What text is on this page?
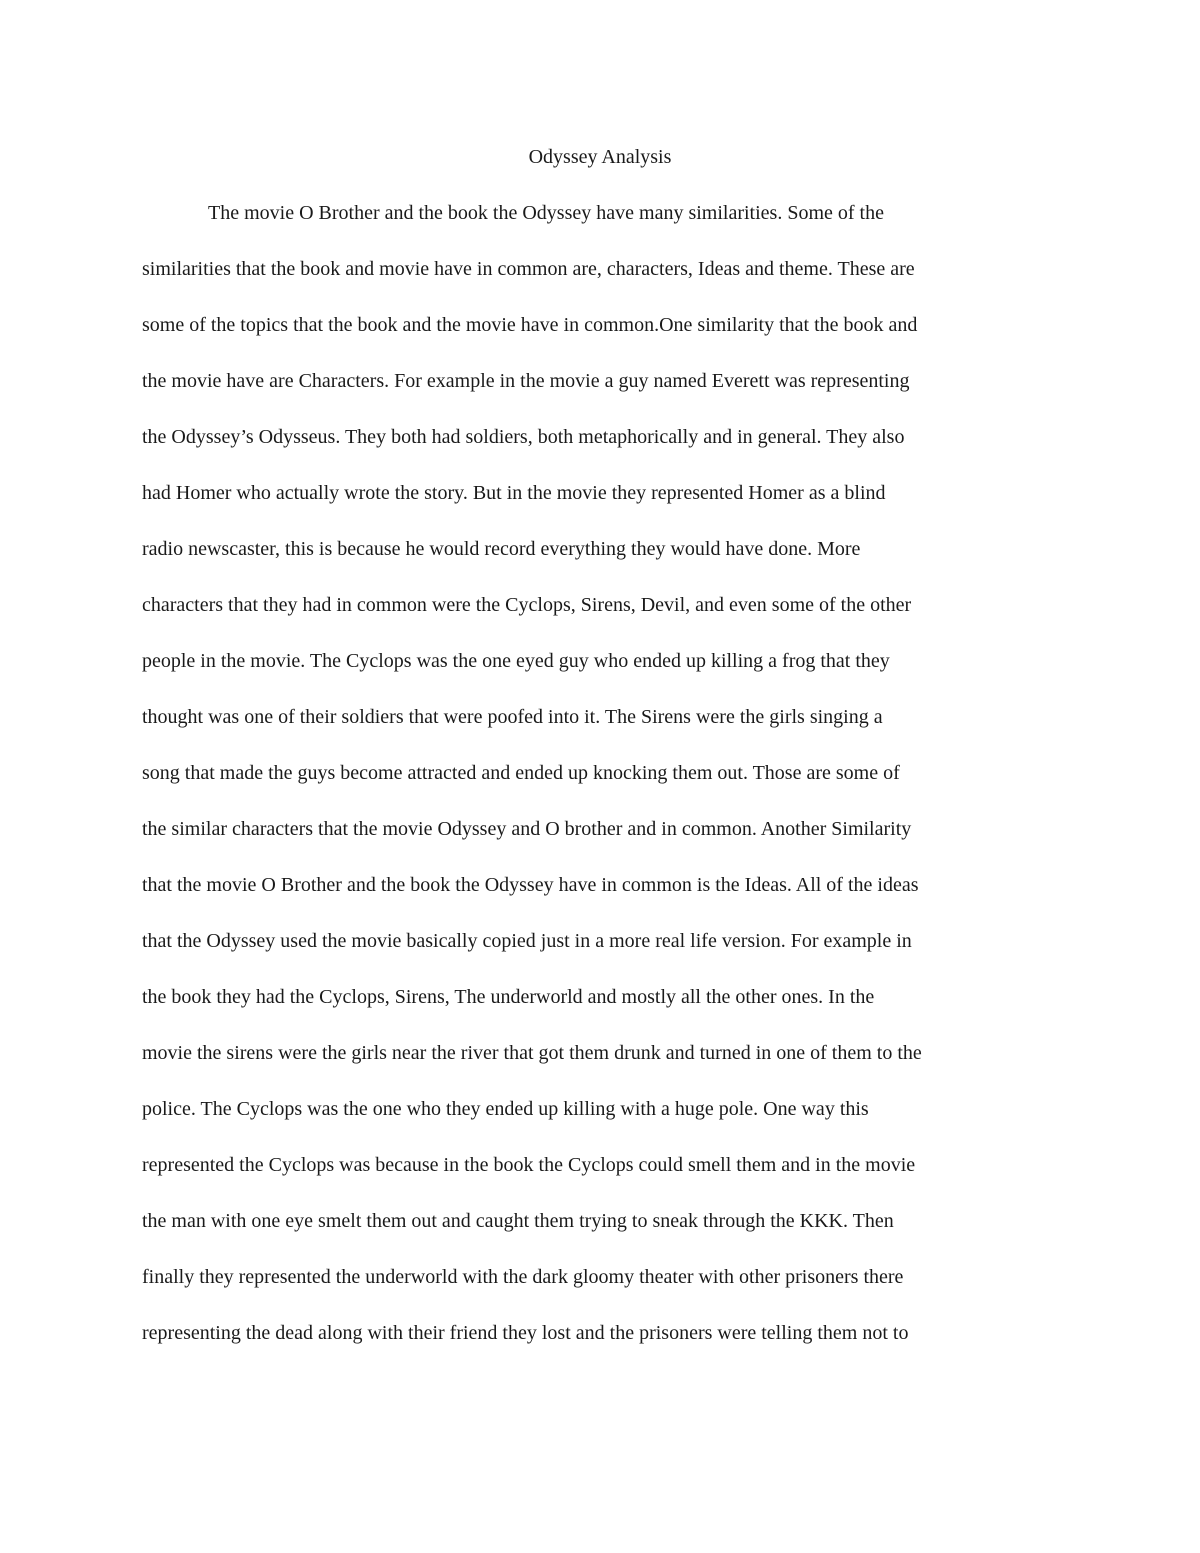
Odyssey Analysis
The movie O Brother and the book the Odyssey have many similarities. Some of the
similarities that the book and movie have in common are, characters, Ideas and theme. These are
some of the topics that the book and the movie have in common.One similarity that the book and
the movie have are Characters. For example in the movie a guy named Everett was representing
the Odyssey’s Odysseus. They both had soldiers, both metaphorically and in general. They also
had Homer who actually wrote the story. But in the movie they represented Homer as a blind
radio newscaster, this is because he would record everything they would have done. More
characters that they had in common were the Cyclops, Sirens, Devil, and even some of the other
people in the movie. The Cyclops was the one eyed guy who ended up killing a frog that they
thought was one of their soldiers that were poofed into it. The Sirens were the girls singing a
song that made the guys become attracted and ended up knocking them out. Those are some of
the similar characters that the movie Odyssey and O brother and in common. Another Similarity
that the movie O Brother and the book the Odyssey have in common is the Ideas. All of the ideas
that the Odyssey used the movie basically copied just in a more real life version. For example in
the book they had the Cyclops, Sirens, The underworld and mostly all the other ones. In the
movie the sirens were the girls near the river that got them drunk and turned in one of them to the
police. The Cyclops was the one who they ended up killing with a huge pole. One way this
represented the Cyclops was because in the book the Cyclops could smell them and in the movie
the man with one eye smelt them out and caught them trying to sneak through the KKK. Then
finally they represented the underworld with the dark gloomy theater with other prisoners there
representing the dead along with their friend they lost and the prisoners were telling them not to
